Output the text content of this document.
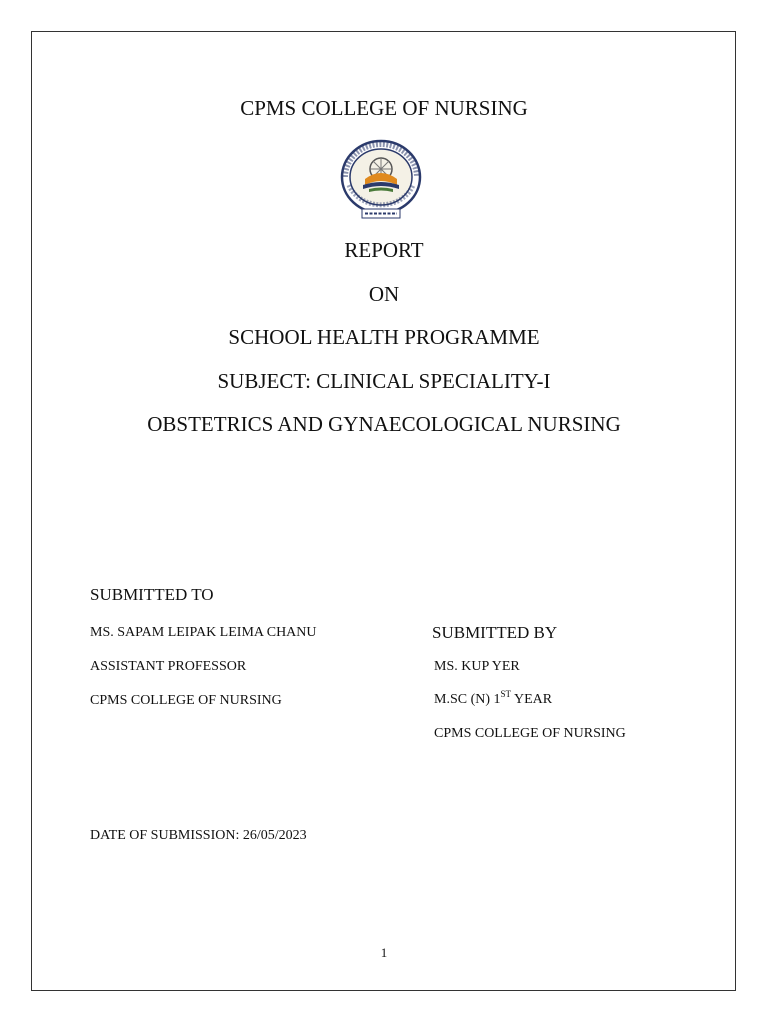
CPMS COLLEGE OF NURSING
REPORT
ON
SCHOOL HEALTH PROGRAMME
SUBJECT: CLINICAL SPECIALITY-I
OBSTETRICS AND GYNAECOLOGICAL NURSING
SUBMITTED TO
MS. SAPAM LEIPAK LEIMA CHANU
ASSISTANT PROFESSOR
CPMS COLLEGE OF NURSING
SUBMITTED BY
MS. KUP YER
M.SC (N) 1ST YEAR
CPMS COLLEGE OF NURSING
DATE OF SUBMISSION: 26/05/2023
1
